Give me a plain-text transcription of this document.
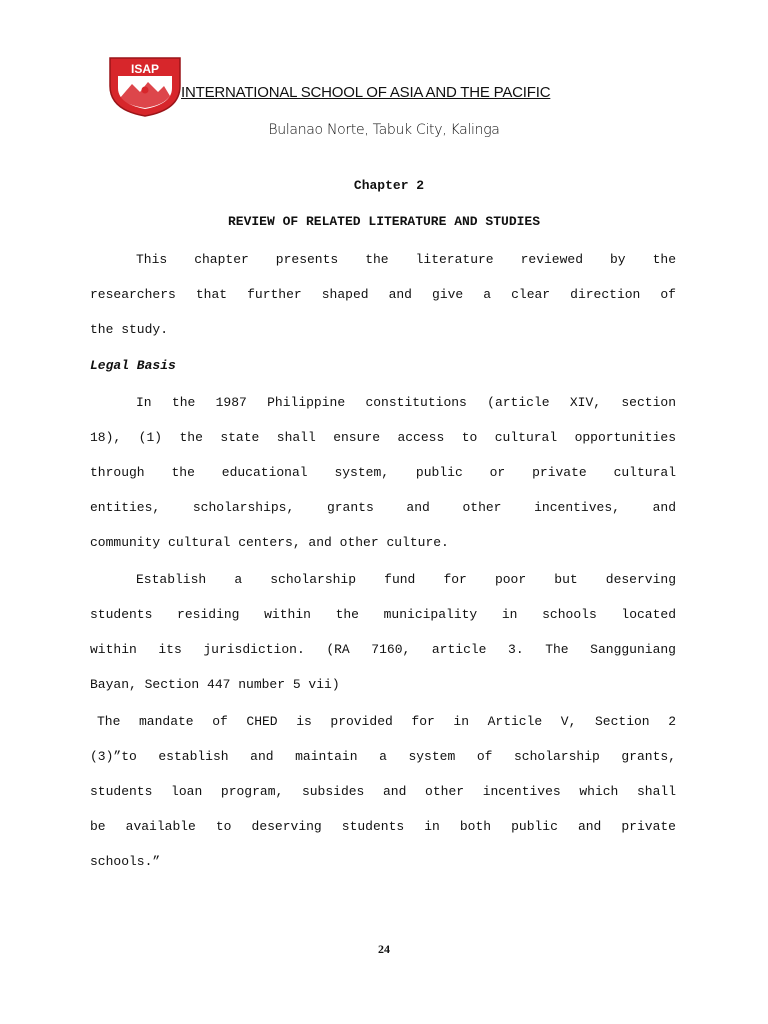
ISAP
INTERNATIONAL SCHOOL OF ASIA AND THE PACIFIC
Bulanao Norte, Tabuk City, Kalinga
Chapter 2
REVIEW OF RELATED LITERATURE AND STUDIES
This chapter presents the literature reviewed by the
researchers that further shaped and give a clear direction of
the study.
Legal Basis
In the 1987 Philippine constitutions (article XIV, section
18), (1) the state shall ensure access to cultural opportunities
through the educational system, public or private cultural
entities, scholarships, grants and other incentives, and
community cultural centers, and other culture.
Establish a scholarship fund for poor but deserving
students residing within the municipality in schools located
within its jurisdiction. (RA 7160, article 3. The Sangguniang
Bayan, Section 447 number 5 vii)
The mandate of CHED is provided for in Article V, Section 2
(3)”to establish and maintain a system of scholarship grants,
students loan program, subsides and other incentives which shall
be available to deserving students in both public and private
schools.”
24
